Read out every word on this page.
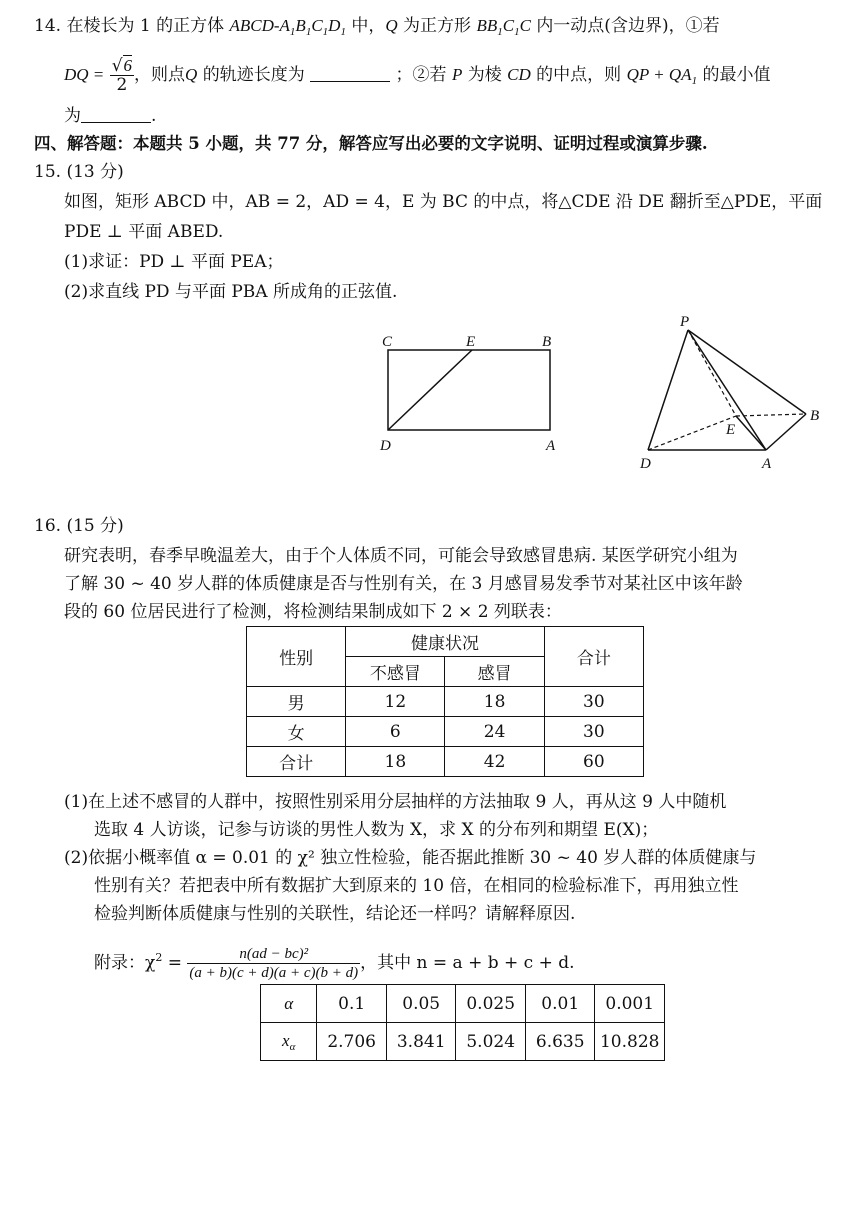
14. 在棱长为 1 的正方体 ABCD-$A_1B_1C_1D_1$ 中，Q 为正方形 $BB_1C_1C$ 内一动点(含边界)，①若
DQ = $\frac{√6}{2}$ ，则点Q 的轨迹长度为	；②若 P 为棱 CD 的中点，则 QP + $QA_1$ 的最小值
为	.
四、解答题：本题共 5 小题，共 77 分，解答应写出必要的文字说明、证明过程或演算步骤.
15. (13 分)
如图，矩形 ABCD 中，AB = 2，AD = 4，E 为 BC 的中点，将△CDE 沿 DE 翻折至△PDE，平面
PDE ⊥ 平面 ABED.
(1)求证：PD ⊥ 平面 PEA；
(2)求直线 PD 与平面 PBA 所成角的正弦值.
C	E	B
D	A
P
B
E
D	A
16. (15 分)
研究表明，春季早晚温差大，由于个人体质不同，可能会导致感冒患病. 某医学研究小组为
了解 30 ~ 40 岁人群的体质健康是否与性别有关，在 3 月感冒易发季节对某社区中该年龄
段的 60 位居民进行了检测，将检测结果制成如下 2 × 2 列联表：
性别	健康状况		合计
	不感冒	感冒	
男	12	18	30
女	6	24	30
合计	18	42	60
(1)在上述不感冒的人群中，按照性别采用分层抽样的方法抽取 9 人，再从这 9 人中随机
选取 4 人访谈，记参与访谈的男性人数为 X，求 X 的分布列和期望 E(X)；
(2)依据小概率值 α = 0.01 的 χ² 独立性检验，能否据此推断 30 ~ 40 岁人群的体质健康与
性别有关？若把表中所有数据扩大到原来的 10 倍，在相同的检验标准下，再用独立性
检验判断体质健康与性别的关联性，结论还一样吗？请解释原因.
附录：$\chi^2 = \frac{\text{n(ad − bc)²}}{(a + b)(c + d)(a + c)(b + d)}$ ，其中 n = a + b + c + d.
α	0.1	0.05	0.025	0.01	0.001
$x_\alpha$	2.706	3.841	5.024	6.635	10.828
